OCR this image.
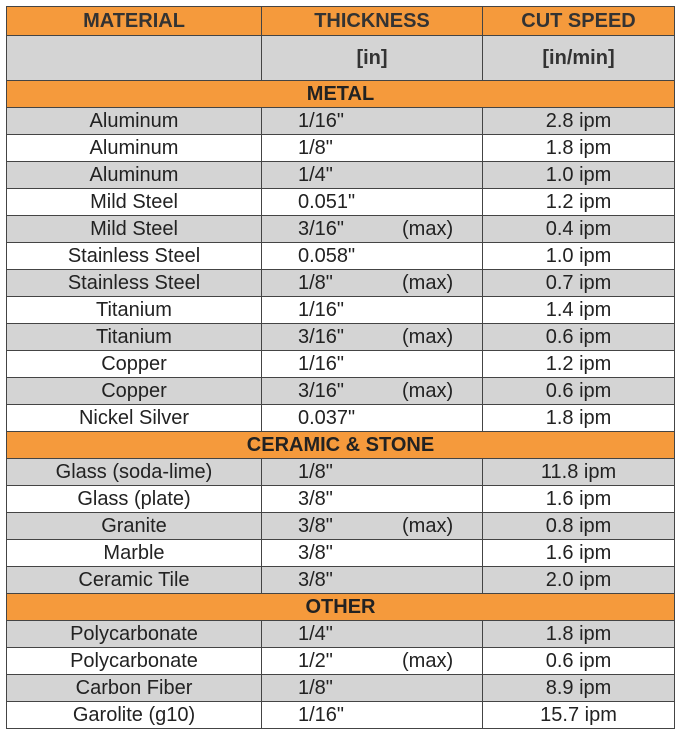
MATERIAL	THICKNESS	CUT SPEED
	[in]	[in/min]
METAL		
Aluminum	1/16"	2.8 ipm
Aluminum	1/8"	1.8 ipm
Aluminum	1/4"	1.0 ipm
Mild Steel	0.051"	1.2 ipm
Mild Steel	3/16" (max)	0.4 ipm
Stainless Steel	0.058"	1.0 ipm
Stainless Steel	1/8" (max)	0.7 ipm
Titanium	1/16"	1.4 ipm
Titanium	3/16" (max)	0.6 ipm
Copper	1/16"	1.2 ipm
Copper	3/16" (max)	0.6 ipm
Nickel Silver	0.037"	1.8 ipm
CERAMIC & STONE		
Glass (soda-lime)	1/8"	11.8 ipm
Glass (plate)	3/8"	1.6 ipm
Granite	3/8" (max)	0.8 ipm
Marble	3/8"	1.6 ipm
Ceramic Tile	3/8"	2.0 ipm
OTHER		
Polycarbonate	1/4"	1.8 ipm
Polycarbonate	1/2" (max)	0.6 ipm
Carbon Fiber	1/8"	8.9 ipm
Garolite (g10)	1/16"	15.7 ipm
